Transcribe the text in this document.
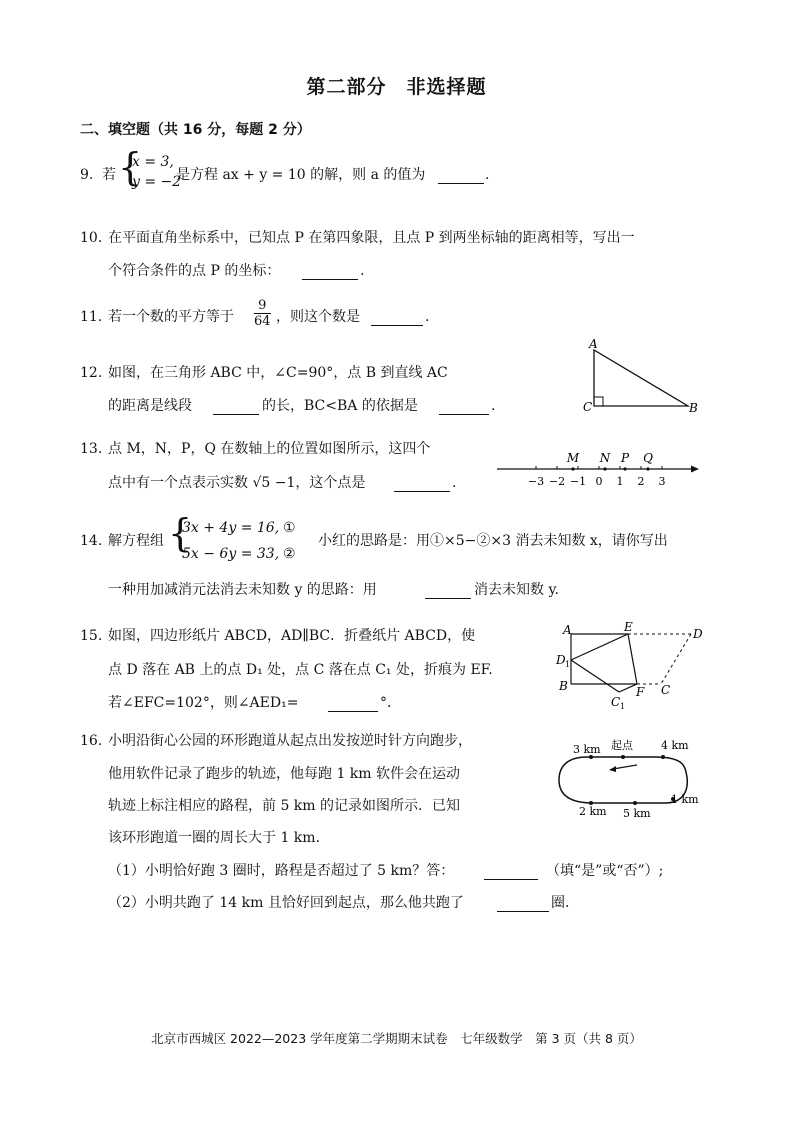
第二部分　非选择题
二、填空题（共 16 分，每题 2 分）
9. 若 {
x = 3,
y = −2
是方程 ax + y = 10 的解，则 a 的值为	.
10. 在平面直角坐标系中，已知点 P 在第四象限，且点 P 到两坐标轴的距离相等，写出一
个符合条件的点 P 的坐标：	.
11. 若一个数的平方等于 $\frac{9}{64}$ ，则这个数是	.
12. 如图，在三角形 ABC 中，∠C=90°，点 B 到直线 AC
的距离是线段	的长，BC<BA 的依据是	.
A
C	B
13. 点 M，N，P，Q 在数轴上的位置如图所示，这四个
点中有一个点表示实数 √5 −1，这个点是	.	−3 −2 −1 0 1 2 3
M N P Q
14. 解方程组 {
3x + 4y = 16,
5x − 6y = 33,
①
②
小红的思路是：用①×5−②×3 消去未知数 x，请你写出
一种用加减消元法消去未知数 y 的思路：用	消去未知数 y.
15. 如图，四边形纸片 ABCD，AD∥BC．折叠纸片 ABCD，使
点 D 落在 AB 上的点 D₁ 处，点 C 落在点 C₁ 处，折痕为 EF.
若∠EFC=102°，则∠AED₁=	°．
A	E	D
D 1
B	F C
C 1
16. 小明沿街心公园的环形跑道从起点出发按逆时针方向跑步，
他用软件记录了跑步的轨迹，他每跑 1 km 软件会在运动
轨迹上标注相应的路程，前 5 km 的记录如图所示．已知
该环形跑道一圈的周长大于 1 km.
（1）小明恰好跑 3 圈时，路程是否超过了 5 km？答：	（填“是”或“否”）;
（2）小明共跑了 14 km 且恰好回到起点，那么他共跑了	圈.
起点	4 km
3 km
1 km
2 km 5 km
北京市西城区 2022—2023 学年度第二学期期末试卷　七年级数学　第 3 页（共 8 页）
